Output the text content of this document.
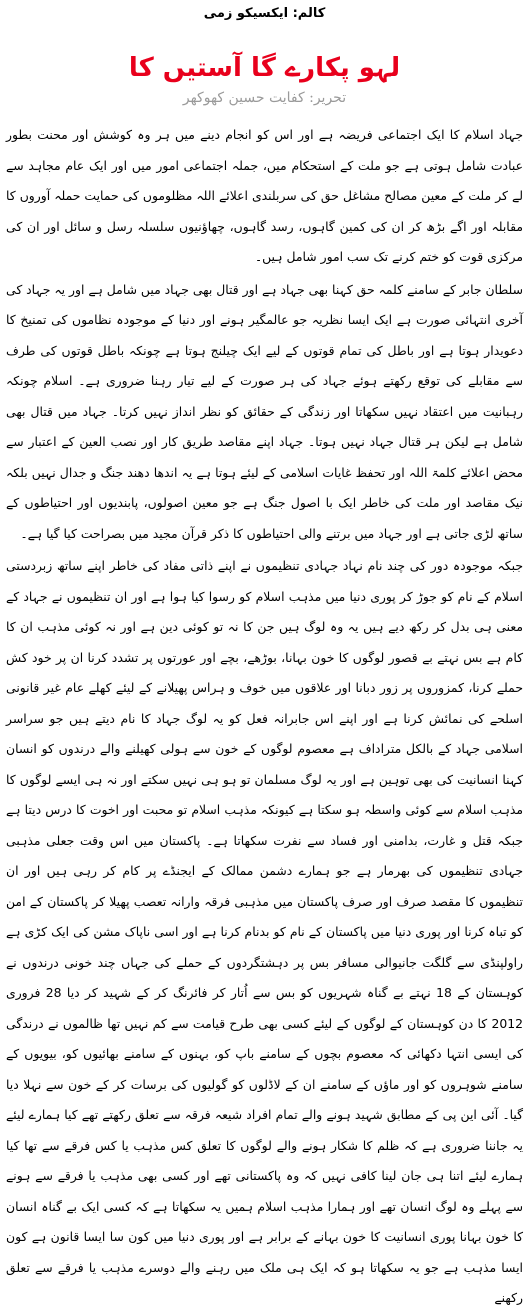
کالم: ایکسیکو زمی
لہو پکارے گا آستیں کا
تحریر: کفایت حسین کھوکھر

جہاد اسلام کا ایک اجتماعی فریضہ ہے اور اس کو انجام دینے میں ہر وہ کوشش اور محنت بطور عبادت شامل ہوتی ہے جو ملت کے استحکام میں، جملہ اجتماعی امور میں اور ایک عام مجاہد سے لے کر ملت کے معین مصالح مشاغل حق کی سربلندی اعلائے اللہ مظلوموں کی حمایت حملہ آوروں کا مقابلہ اور اگے بڑھ کر ان کی کمین گاہوں، رسد گاہوں، چھاؤنیوں سلسلہ رسل و سائل اور ان کی مرکزی قوت کو ختم کرنے تک سب امور شامل ہیں۔

سلطان جابر کے سامنے کلمہ حق کہنا بھی جہاد ہے اور قتال بھی جہاد میں شامل ہے اور یہ جہاد کی آخری انتہائی صورت ہے ایک ایسا نظریہ جو عالمگیر ہونے اور دنیا کے موجودہ نظاموں کی تمنیخ کا دعویدار ہوتا ہے اور باطل کی تمام قوتوں کے لیے ایک چیلنج ہوتا ہے چونکہ باطل قوتوں کی طرف سے مقابلے کی توقع رکھتے ہوئے جہاد کی ہر صورت کے لیے تیار رہنا ضروری ہے۔ اسلام چونکہ رہبانیت میں اعتقاد نہیں سکھاتا اور زندگی کے حقائق کو نظر انداز نہیں کرتا۔ جہاد میں قتال بھی شامل ہے لیکن ہر قتال جہاد نہیں ہوتا۔ جہاد اپنے مقاصد طریق کار اور نصب العین کے اعتبار سے محض اعلائے کلمۃ اللہ اور تحفظ غایات اسلامی کے لیئے ہوتا ہے یہ اندھا دھند جنگ و جدال نہیں بلکہ نیک مقاصد اور ملت کی خاطر ایک با اصول جنگ ہے جو معین اصولوں، پابندیوں اور احتیاطوں کے ساتھ لڑی جاتی ہے اور جہاد میں برتنے والی احتیاطوں کا ذکر قرآن مجید میں بصراحت کیا گیا ہے۔

جبکہ موجودہ دور کی چند نام نہاد جہادی تنظیموں نے اپنے ذاتی مفاد کی خاطر اپنے ساتھ زبردستی اسلام کے نام کو جوڑ کر پوری دنیا میں مذہب اسلام کو رسوا کیا ہوا ہے اور ان تنظیموں نے جہاد کے معنی ہی بدل کر رکھ دیے ہیں یہ وہ لوگ ہیں جن کا نہ تو کوئی دین ہے اور نہ کوئی مذہب ان کا کام ہے بس نہتے بے قصور لوگوں کا خون بہانا، بوڑھے، بچے اور عورتوں پر تشدد کرنا ان پر خود کش حملے کرنا، کمزوروں پر زور دبانا اور علاقوں میں خوف و ہراس پھیلانے کے لیئے کھلے عام غیر قانونی اسلحے کی نمائش کرنا ہے اور اپنے اس جابرانہ فعل کو یہ لوگ جہاد کا نام دیتے ہیں جو سراسر اسلامی جہاد کے بالکل متراداف ہے معصوم لوگوں کے خون سے ہولی کھیلنے والے درندوں کو انسان کہنا انسانیت کی بھی توہین ہے اور یہ لوگ مسلمان تو ہو ہی نہیں سکتے اور نہ ہی ایسے لوگوں کا مذہب اسلام سے کوئی واسطہ ہو سکتا ہے کیونکہ مذہب اسلام تو محبت اور اخوت کا درس دیتا ہے جبکہ قتل و غارت، بدامنی اور فساد سے نفرت سکھاتا ہے۔ پاکستان میں اس وقت جعلی مذہبی جہادی تنظیموں کی بھرمار ہے جو ہمارے دشمن ممالک کے ایجنڈے پر کام کر رہی ہیں اور ان تنظیموں کا مقصد صرف اور صرف پاکستان میں مذہبی فرقہ وارانہ تعصب پھیلا کر پاکستان کے امن کو تباہ کرنا اور پوری دنیا میں پاکستان کے نام کو بدنام کرنا ہے اور اسی ناپاک مشن کی ایک کڑی ہے راولپنڈی سے گلگت جانیوالی مسافر بس پر دہشتگردوں کے حملے کی جہاں چند خونی درندوں نے کوہستان کے 18 نہتے بے گناہ شہریوں کو بس سے اُتار کر فائرنگ کر کے شہید کر دیا 28 فروری 2012 کا دن کوہستان کے لوگوں کے لیئے کسی بھی طرح قیامت سے کم نہیں تھا ظالموں نے درندگی کی ایسی انتہا دکھائی کہ معصوم بچوں کے سامنے باپ کو، بہنوں کے سامنے بھائیوں کو، بیویوں کے سامنے شوہروں کو اور ماؤں کے سامنے ان کے لاڈلوں کو گولیوں کی برسات کر کے خون سے نہلا دیا گیا۔ آئی این پی کے مطابق شہید ہونے والے تمام افراد شیعہ فرقہ سے تعلق رکھتے تھے کیا ہمارے لیئے یہ جاننا ضروری ہے کہ ظلم کا شکار ہونے والے لوگوں کا تعلق کس مذہب یا کس فرقے سے تھا کیا ہمارے لیئے اتنا ہی جان لینا کافی نہیں کہ وہ پاکستانی تھے اور کسی بھی مذہب یا فرقے سے ہونے سے پہلے وہ لوگ انسان تھے اور ہمارا مذہب اسلام ہمیں یہ سکھاتا ہے کہ کسی ایک بے گناہ انسان کا خون بہانا پوری انسانیت کا خون بہانے کے برابر ہے اور پوری دنیا میں کون سا ایسا قانون ہے کون ایسا مذہب ہے جو یہ سکھاتا ہو کہ ایک ہی ملک میں رہنے والے دوسرے مذہب یا فرقے سے تعلق رکھنے
